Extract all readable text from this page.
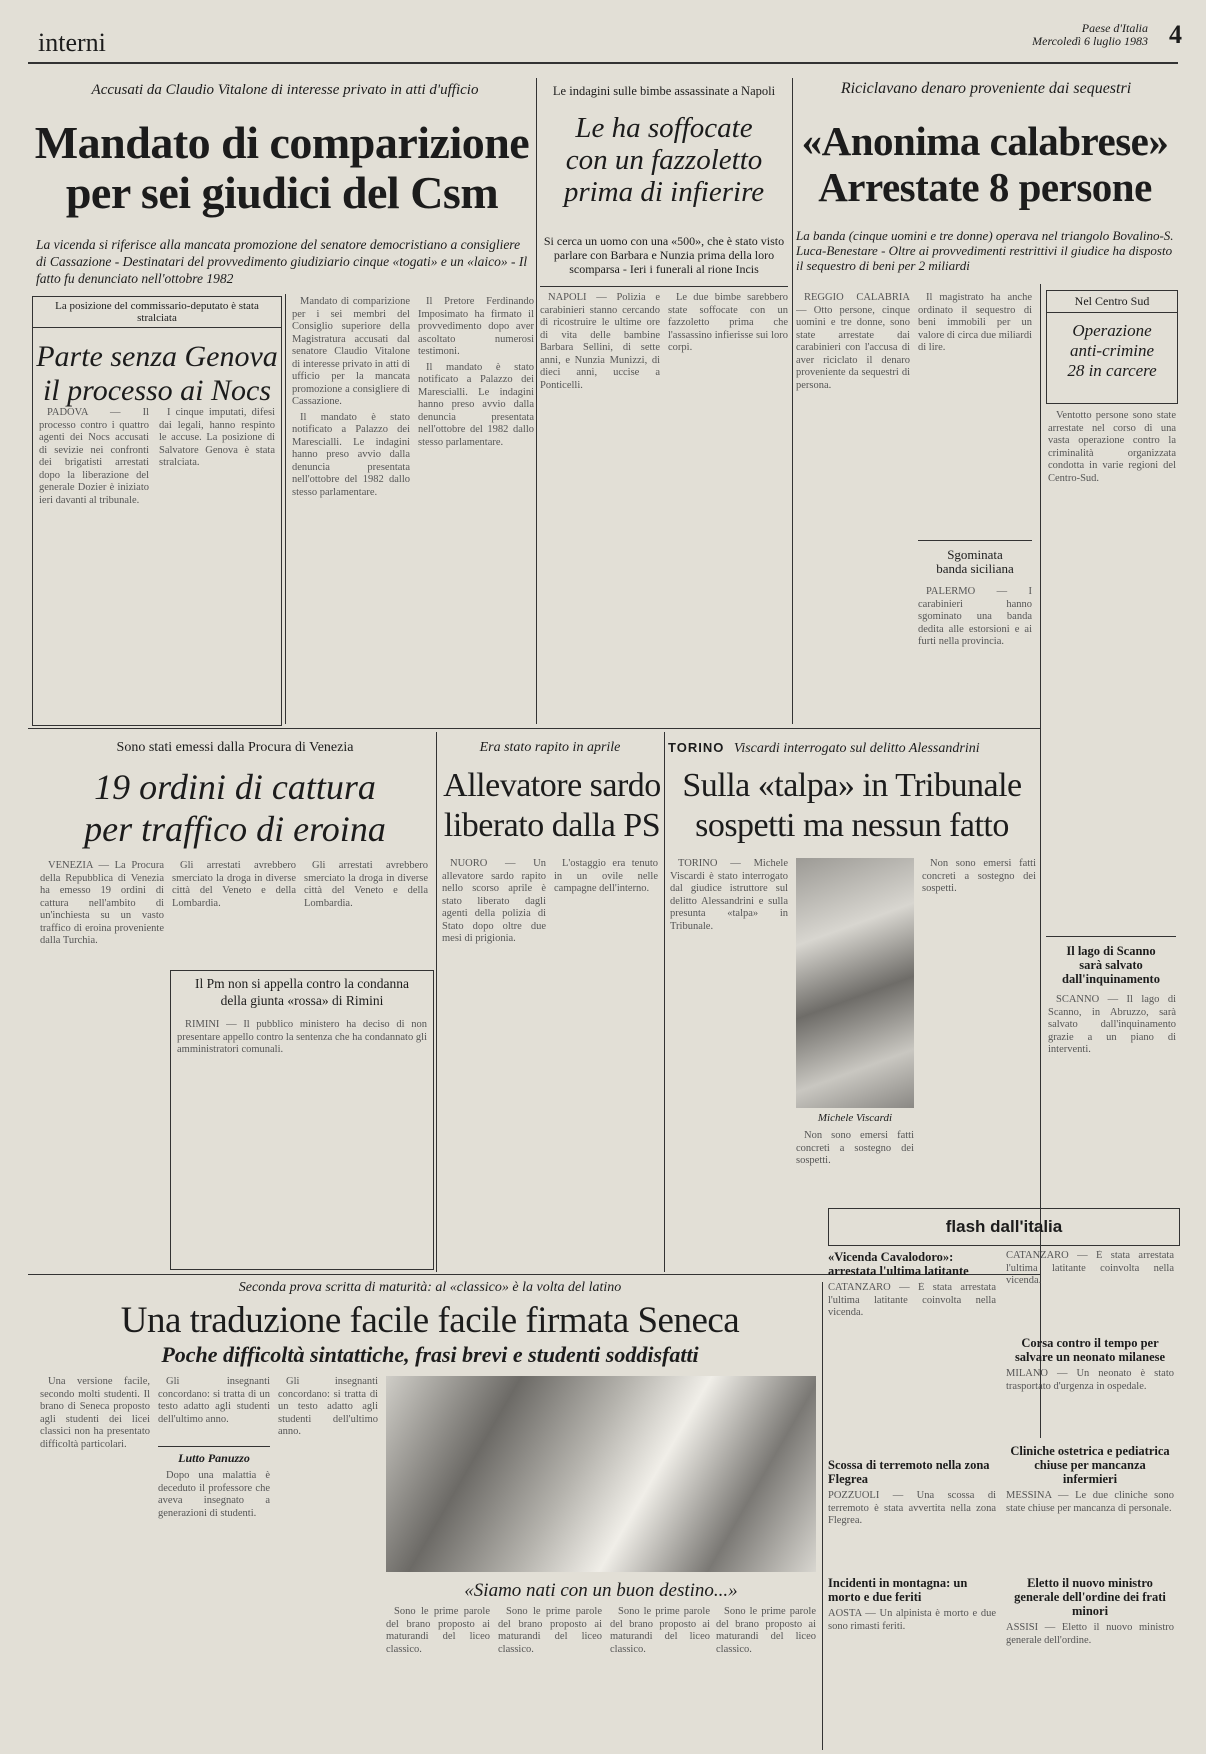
interni	Paese d'Italia
Mercoledì 6 luglio 1983 4
Accusati da Claudio Vitalone di interesse privato in atti d'ufficio
Mandato di comparizione
per sei giudici del Csm
La vicenda si riferisce alla mancata promozione del senatore democristiano a consigliere di Cassazione - Destinatari del provvedimento giudiziario cinque «togati» e un «laico» - Il fatto fu denunciato nell'ottobre 1982

Mandato di comparizione per i sei membri del Consiglio superiore della Magistratura accusati dal senatore Claudio Vitalone di interesse privato in atti di ufficio per la mancata promozione a consigliere di Cassazione.

Il mandato è stato notificato a Palazzo dei Marescialli. Le indagini hanno preso avvio dalla denuncia presentata nell'ottobre del 1982 dallo stesso parlamentare.

Il Pretore Ferdinando Imposimato ha firmato il provvedimento dopo aver ascoltato numerosi testimoni.

Il mandato è stato notificato a Palazzo dei Marescialli. Le indagini hanno preso avvio dalla denuncia presentata nell'ottobre del 1982 dallo stesso parlamentare.

La posizione del commissario-deputato è stata stralciata
Parte senza Genova
il processo ai Nocs

PADOVA — Il processo contro i quattro agenti dei Nocs accusati di sevizie nei confronti dei brigatisti arrestati dopo la liberazione del generale Dozier è iniziato ieri davanti al tribunale.

I cinque imputati, difesi dai legali, hanno respinto le accuse. La posizione di Salvatore Genova è stata stralciata.

Le indagini sulle bimbe assassinate a Napoli
Le ha soffocate
con un fazzoletto
prima di infierire
Si cerca un uomo con una «500», che è stato visto parlare con Barbara e Nunzia prima della loro scomparsa - Ieri i funerali al rione Incis

NAPOLI — Polizia e carabinieri stanno cercando di ricostruire le ultime ore di vita delle bambine Barbara Sellini, di sette anni, e Nunzia Munizzi, di dieci anni, uccise a Ponticelli.

Le due bimbe sarebbero state soffocate con un fazzoletto prima che l'assassino infierisse sui loro corpi.

Riciclavano denaro proveniente dai sequestri
«Anonima calabrese»
Arrestate 8 persone
La banda (cinque uomini e tre donne) operava nel triangolo Bovalino-S. Luca-Benestare - Oltre ai provvedimenti restrittivi il giudice ha disposto il sequestro di beni per 2 miliardi

REGGIO CALABRIA — Otto persone, cinque uomini e tre donne, sono state arrestate dai carabinieri con l'accusa di aver riciclato il denaro proveniente da sequestri di persona.

Il magistrato ha anche ordinato il sequestro di beni immobili per un valore di circa due miliardi di lire.

Sgominata
banda siciliana

PALERMO — I carabinieri hanno sgominato una banda dedita alle estorsioni e ai furti nella provincia.

Nel Centro Sud
Operazione
anti-crimine
28 in carcere

Ventotto persone sono state arrestate nel corso di una vasta operazione contro la criminalità organizzata condotta in varie regioni del Centro-Sud.

Sono stati emessi dalla Procura di Venezia
19 ordini di cattura
per traffico di eroina

VENEZIA — La Procura della Repubblica di Venezia ha emesso 19 ordini di cattura nell'ambito di un'inchiesta su un vasto traffico di eroina proveniente dalla Turchia.

Gli arrestati avrebbero smerciato la droga in diverse città del Veneto e della Lombardia.

Gli arrestati avrebbero smerciato la droga in diverse città del Veneto e della Lombardia.

Il Pm non si appella contro la condanna
della giunta «rossa» di Rimini

RIMINI — Il pubblico ministero ha deciso di non presentare appello contro la sentenza che ha condannato gli amministratori comunali.

Era stato rapito in aprile
Allevatore sardo
liberato dalla PS

NUORO — Un allevatore sardo rapito nello scorso aprile è stato liberato dagli agenti della polizia di Stato dopo oltre due mesi di prigionia.

L'ostaggio era tenuto in un ovile nelle campagne dell'interno.

TORINO Viscardi interrogato sul delitto Alessandrini
Sulla «talpa» in Tribunale
sospetti ma nessun fatto

TORINO — Michele Viscardi è stato interrogato dal giudice istruttore sul delitto Alessandrini e sulla presunta «talpa» in Tribunale.

Michele Viscardi

Non sono emersi fatti concreti a sostegno dei sospetti.

Non sono emersi fatti concreti a sostegno dei sospetti.

Il lago di Scanno
sarà salvato
dall'inquinamento

SCANNO — Il lago di Scanno, in Abruzzo, sarà salvato dall'inquinamento grazie a un piano di interventi.

Seconda prova scritta di maturità: al «classico» è la volta del latino
Una traduzione facile facile firmata Seneca
Poche difficoltà sintattiche, frasi brevi e studenti soddisfatti

Una versione facile, secondo molti studenti. Il brano di Seneca proposto agli studenti dei licei classici non ha presentato difficoltà particolari.

Gli insegnanti concordano: si tratta di un testo adatto agli studenti dell'ultimo anno.

Lutto Panuzzo

Dopo una malattia è deceduto il professore che aveva insegnato a generazioni di studenti.

Gli insegnanti concordano: si tratta di un testo adatto agli studenti dell'ultimo anno.

«Siamo nati con un buon destino...»

Sono le prime parole del brano proposto ai maturandi del liceo classico.

Sono le prime parole del brano proposto ai maturandi del liceo classico.

Sono le prime parole del brano proposto ai maturandi del liceo classico.

Sono le prime parole del brano proposto ai maturandi del liceo classico.

flash dall'italia
«Vicenda Cavalodoro»: arrestata l'ultima latitante
CATANZARO — È stata arrestata l'ultima latitante coinvolta nella vicenda.
Scossa di terremoto nella zona Flegrea
POZZUOLI — Una scossa di terremoto è stata avvertita nella zona Flegrea.
Incidenti in montagna: un morto e due feriti
AOSTA — Un alpinista è morto e due sono rimasti feriti.
CATANZARO — È stata arrestata l'ultima latitante coinvolta nella vicenda.
Corsa contro il tempo per salvare un neonato milanese
MILANO — Un neonato è stato trasportato d'urgenza in ospedale.
Cliniche ostetrica e pediatrica chiuse per mancanza infermieri
MESSINA — Le due cliniche sono state chiuse per mancanza di personale.
Eletto il nuovo ministro generale dell'ordine dei frati minori
ASSISI — Eletto il nuovo ministro generale dell'ordine.
